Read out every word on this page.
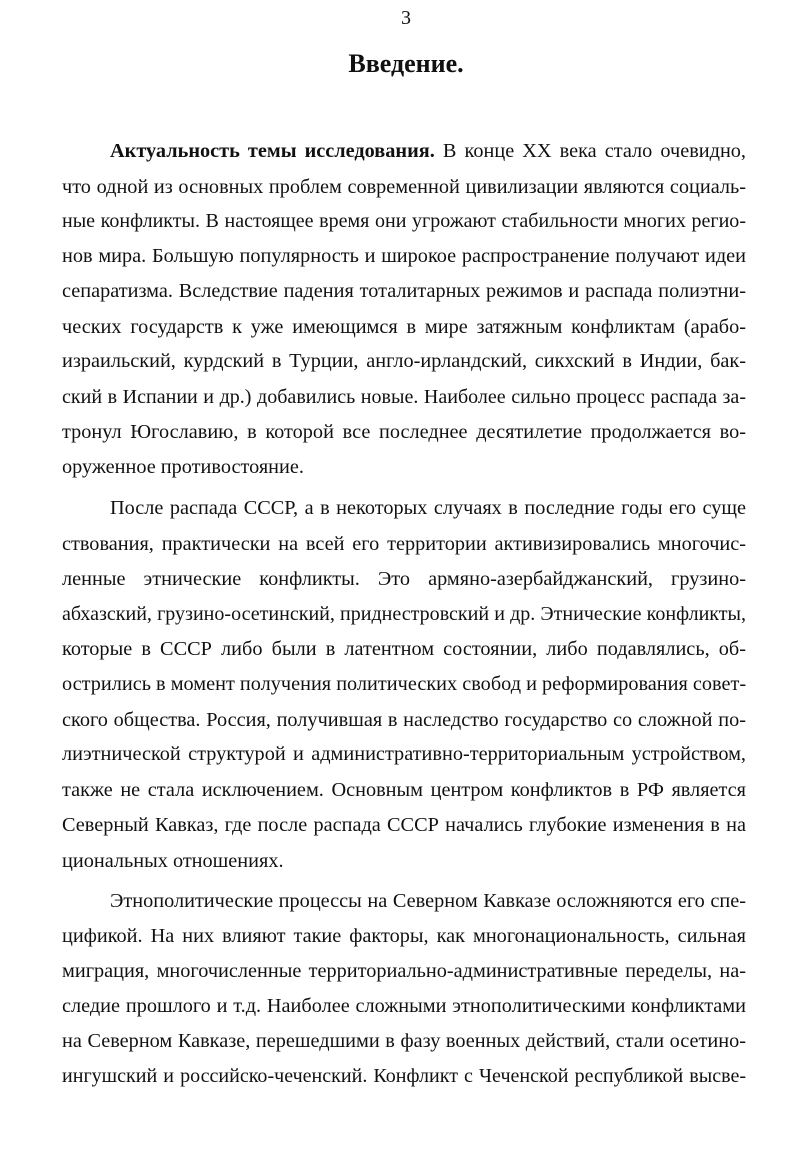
3
Введение.
Актуальность темы исследования. В конце XX века стало очевидно,
что одной из основных проблем современной цивилизации являются социаль-
ные конфликты. В настоящее время они угрожают стабильности многих регио-
нов мира. Большую популярность и широкое распространение получают идеи
сепаратизма. Вследствие падения тоталитарных режимов и распада полиэтни-
ческих государств к уже имеющимся в мире затяжным конфликтам (арабо-
израильский, курдский в Турции, англо-ирландский, сикхский в Индии, бак-
ский в Испании и др.) добавились новые. Наиболее сильно процесс распада за-
тронул Югославию, в которой все последнее десятилетие продолжается во-
оруженное противостояние.
После распада СССР, а в некоторых случаях в последние годы его суще
ствования, практически на всей его территории активизировались многочис-
ленные этнические конфликты. Это армяно-азербайджанский, грузино-
абхазский, грузино-осетинский, приднестровский и др. Этнические конфликты,
которые в СССР либо были в латентном состоянии, либо подавлялись, об-
острились в момент получения политических свобод и реформирования совет-
ского общества. Россия, получившая в наследство государство со сложной по-
лиэтнической структурой и административно-территориальным устройством,
также не стала исключением. Основным центром конфликтов в РФ является
Северный Кавказ, где после распада СССР начались глубокие изменения в на
циональных отношениях.
Этнополитические процессы на Северном Кавказе осложняются его спе-
цификой. На них влияют такие факторы, как многонациональность, сильная
миграция, многочисленные территориально-административные переделы, на-
следие прошлого и т.д. Наиболее сложными этнополитическими конфликтами
на Северном Кавказе, перешедшими в фазу военных действий, стали осетино-
ингушский и российско-чеченский. Конфликт с Чеченской республикой высве-
